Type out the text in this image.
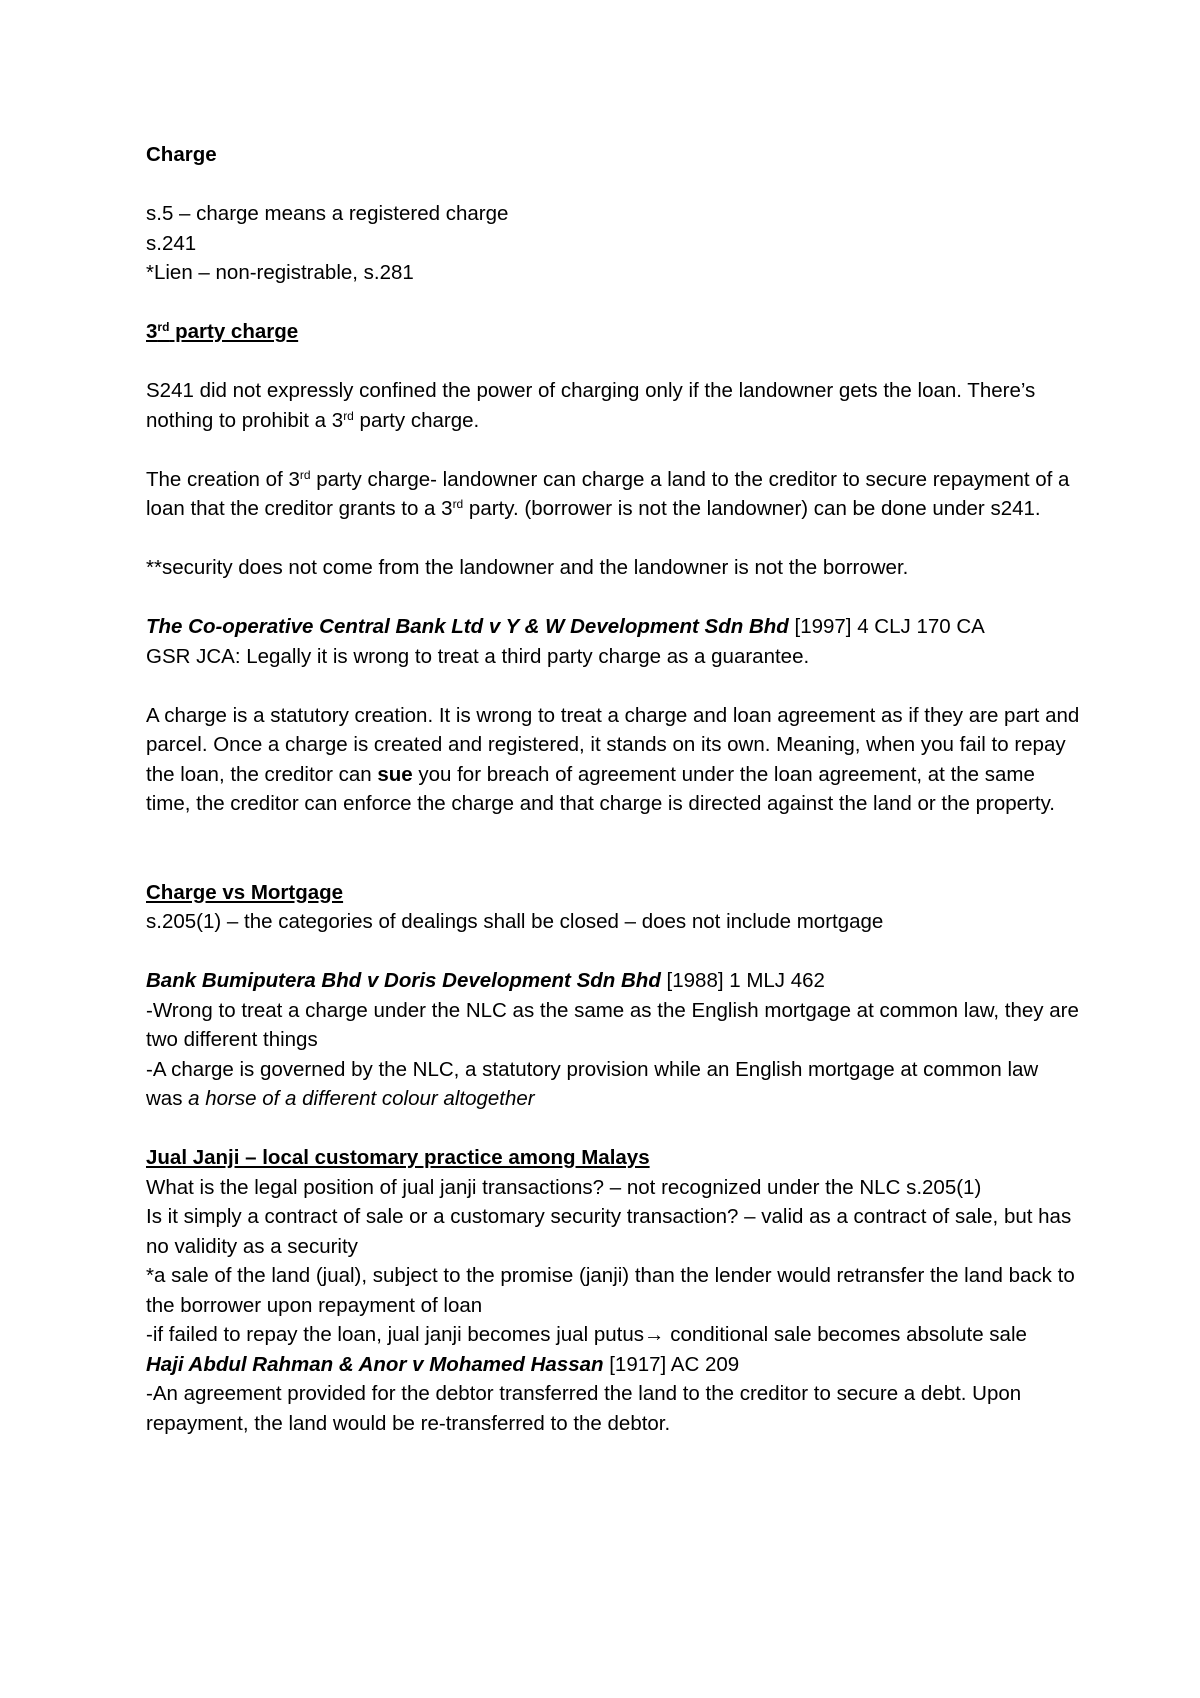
Charge

s.5 – charge means a registered charge

s.241

*Lien – non-registrable, s.281

3rd party charge

S241 did not expressly confined the power of charging only if the landowner gets the loan. There’s nothing to prohibit a 3rd party charge.

The creation of 3rd party charge- landowner can charge a land to the creditor to secure repayment of a loan that the creditor grants to a 3rd party. (borrower is not the landowner) can be done under s241.

**security does not come from the landowner and the landowner is not the borrower.

The Co-operative Central Bank Ltd v Y & W Development Sdn Bhd [1997] 4 CLJ 170 CA

GSR JCA: Legally it is wrong to treat a third party charge as a guarantee.

A charge is a statutory creation. It is wrong to treat a charge and loan agreement as if they are part and parcel. Once a charge is created and registered, it stands on its own. Meaning, when you fail to repay the loan, the creditor can sue you for breach of agreement under the loan agreement, at the same time, the creditor can enforce the charge and that charge is directed against the land or the property.

Charge vs Mortgage

s.205(1) – the categories of dealings shall be closed – does not include mortgage

Bank Bumiputera Bhd v Doris Development Sdn Bhd [1988] 1 MLJ 462

-Wrong to treat a charge under the NLC as the same as the English mortgage at common law, they are two different things

-A charge is governed by the NLC, a statutory provision while an English mortgage at common law was a horse of a different colour altogether

Jual Janji – local customary practice among Malays

What is the legal position of jual janji transactions? – not recognized under the NLC s.205(1)

Is it simply a contract of sale or a customary security transaction? – valid as a contract of sale, but has no validity as a security

*a sale of the land (jual), subject to the promise (janji) than the lender would retransfer the land back to the borrower upon repayment of loan

-if failed to repay the loan, jual janji becomes jual putus→ conditional sale becomes absolute sale

Haji Abdul Rahman & Anor v Mohamed Hassan [1917] AC 209

-An agreement provided for the debtor transferred the land to the creditor to secure a debt. Upon repayment, the land would be re-transferred to the debtor.
